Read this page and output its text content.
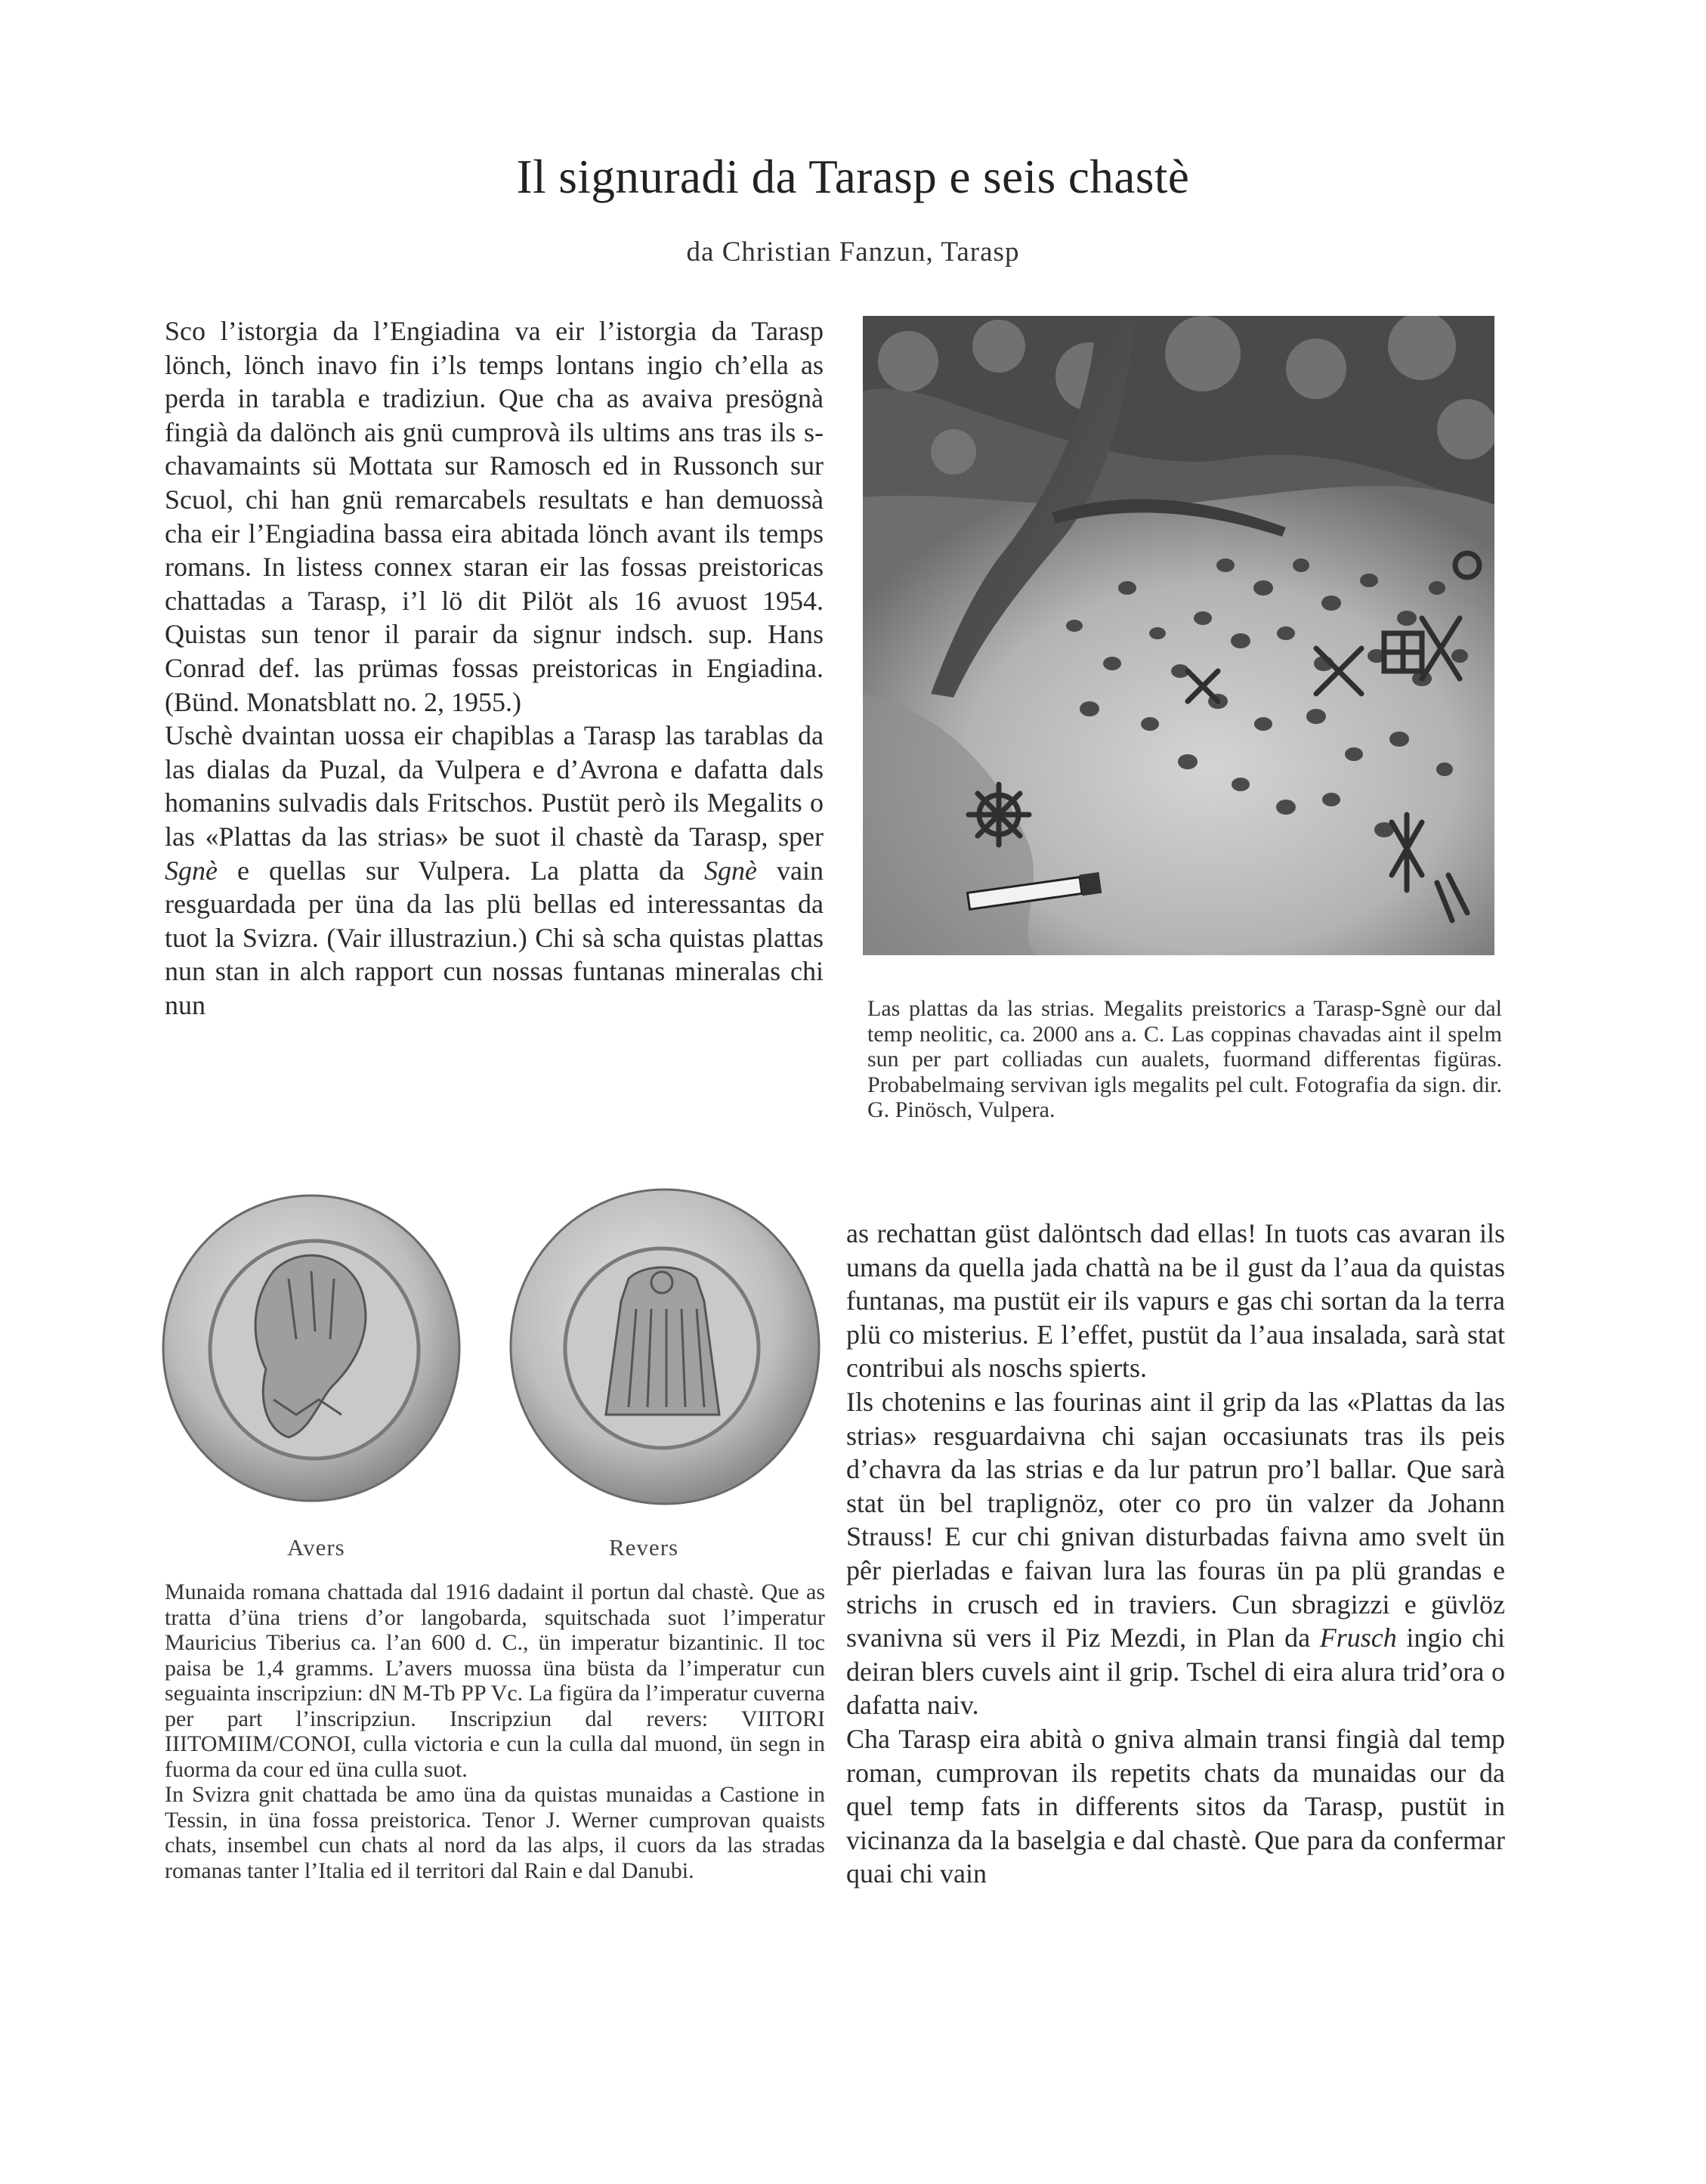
Il signuradi da Tarasp e seis chastè
da Christian Fanzun, Tarasp

Sco l’istorgia da l’Engiadina va eir l’istorgia da Tarasp lönch, lönch inavo fin i’ls temps lontans ingio ch’ella as perda in tarabla e tradiziun. Que cha as avaiva presögnà fingià da dalönch ais gnü cumprovà ils ultims ans tras ils s-chavamaints sü Mottata sur Ramosch ed in Russonch sur Scuol, chi han gnü remarcabels resultats e han demuossà cha eir l’Engiadina bassa eira abitada lönch avant ils temps romans. In listess connex staran eir las fossas preistoricas chattadas a Tarasp, i’l lö dit Pilöt als 16 avuost 1954. Quistas sun tenor il parair da signur indsch. sup. Hans Conrad def. las prümas fossas preistoricas in Engiadina. (Bünd. Monatsblatt no. 2, 1955.)

Uschè dvaintan uossa eir chapiblas a Tarasp las tarablas da las dialas da Puzal, da Vulpera e d’Avrona e dafatta dals homanins sulvadis dals Fritschos. Pustüt però ils Megalits o las «Plattas da las strias» be suot il chastè da Tarasp, sper Sgnè e quellas sur Vulpera. La platta da Sgnè vain resguardada per üna da las plü bellas ed interessantas da tuot la Svizra. (Vair illustraziun.) Chi sà scha quistas plattas nun stan in alch rapport cun nossas funtanas mineralas chi nun	Las plattas da las strias. Megalits preistorics a Tarasp-Sgnè our dal temp neolitic, ca. 2000 ans a. C. Las coppinas chavadas aint il spelm sun per part colliadas cun aualets, fuormand differentas figüras. Probabelmaing servivan igls megalits pel cult. Fotografia da sign. dir. G. Pinösch, Vulpera.
Avers	Revers

Munaida romana chattada dal 1916 dadaint il portun dal chastè. Que as tratta d’üna triens d’or langobarda, squitschada suot l’imperatur Mauricius Tiberius ca. l’an 600 d. C., ün imperatur bizantinic. Il toc paisa be 1,4 gramms. L’avers muossa üna büsta da l’imperatur cun seguainta inscripziun: dN M-Tb PP Vc. La figüra da l’imperatur cuverna per part l’inscripziun. Inscripziun dal revers: VIITORI IIITOMIIM/CONOI, culla victoria e cun la culla dal muond, ün segn in fuorma da cour ed üna culla suot.

In Svizra gnit chattada be amo üna da quistas munaidas a Castione in Tessin, in üna fossa preistorica. Tenor J. Werner cumprovan quaists chats, insembel cun chats al nord da las alps, il cuors da las stradas romanas tanter l’Italia ed il territori dal Rain e dal Danubi.

as rechattan güst dalöntsch dad ellas! In tuots cas avaran ils umans da quella jada chattà na be il gust da l’aua da quistas funtanas, ma pustüt eir ils vapurs e gas chi sortan da la terra plü co misterius. E l’effet, pustüt da l’aua insalada, sarà stat contribui als noschs spierts.

Ils chotenins e las fourinas aint il grip da las «Plattas da las strias» resguardaivna chi sajan occasiunats tras ils peis d’chavra da las strias e da lur patrun pro’l ballar. Que sarà stat ün bel traplignöz, oter co pro ün valzer da Johann Strauss! E cur chi gnivan disturbadas faivna amo svelt ün pêr pierladas e faivan lura las fouras ün pa plü grandas e strichs in crusch ed in traviers. Cun sbragizzi e güvlöz svanivna sü vers il Piz Mezdi, in Plan da Frusch ingio chi deiran blers cuvels aint il grip. Tschel di eira alura trid’ora o dafatta naiv.

Cha Tarasp eira abità o gniva almain transi fingià dal temp roman, cumprovan ils repetits chats da munaidas our da quel temp fats in differents sitos da Tarasp, pustüt in vicinanza da la baselgia e dal chastè. Que para da confermar quai chi vain
